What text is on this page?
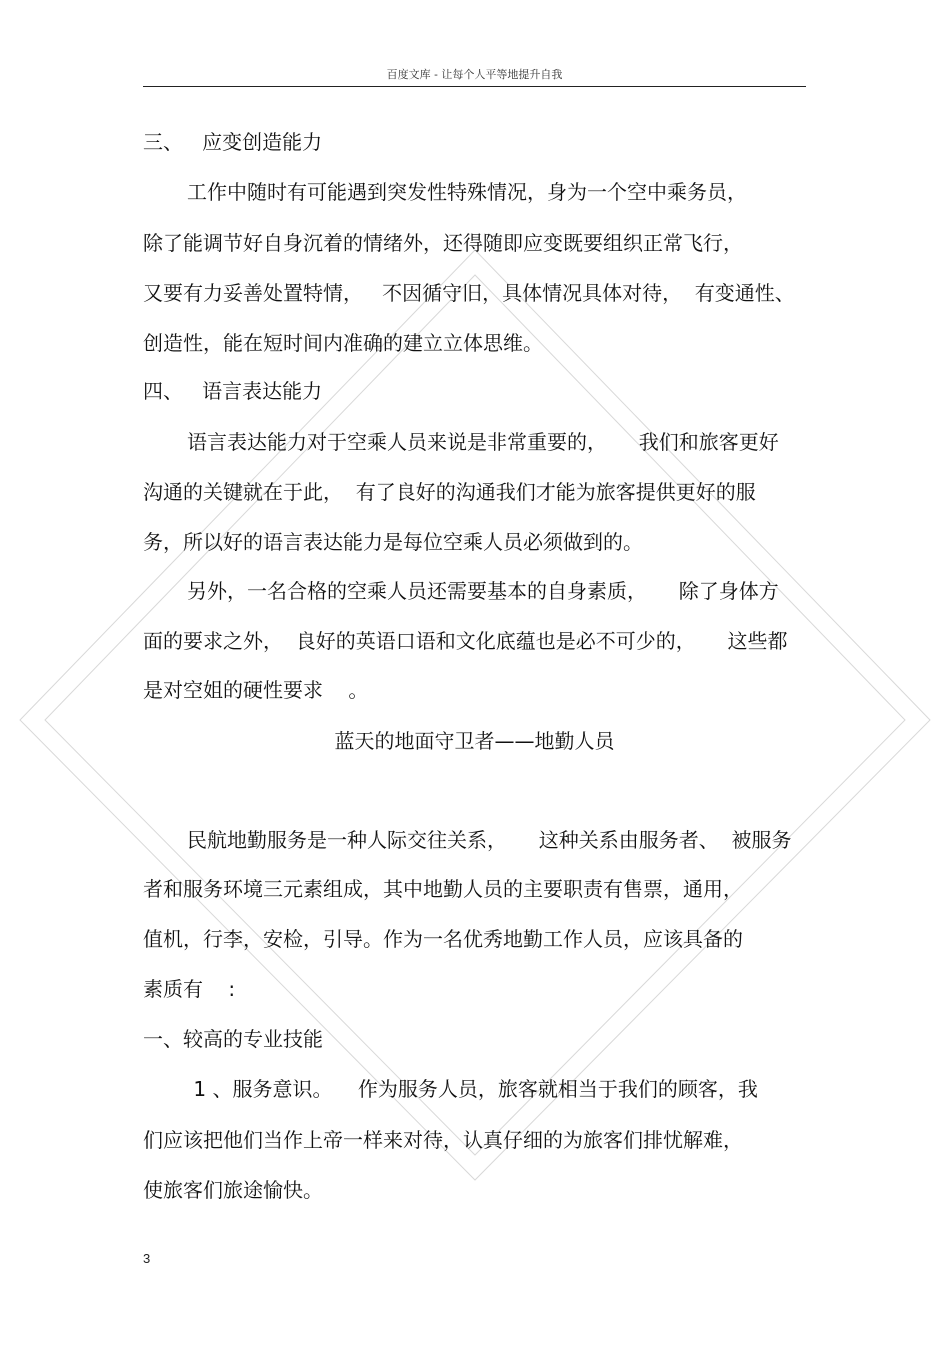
百度文库 - 让每个人平等地提升自我
三、   应变创造能力
工作中随时有可能遇到突发性特殊情况，身为一个空中乘务员，
除了能调节好自身沉着的情绪外，还得随即应变既要组织正常飞行，
又要有力妥善处置特情，   不因循守旧，具体情况具体对待，  有变通性、
创造性，能在短时间内准确的建立立体思维。
四、   语言表达能力
语言表达能力对于空乘人员来说是非常重要的，     我们和旅客更好
沟通的关键就在于此，  有了良好的沟通我们才能为旅客提供更好的服
务，所以好的语言表达能力是每位空乘人员必须做到的。
另外，一名合格的空乘人员还需要基本的自身素质，     除了身体方
面的要求之外，  良好的英语口语和文化底蕴也是必不可少的，     这些都
是对空姐的硬性要求    。
蓝天的地面守卫者——地勤人员
民航地勤服务是一种人际交往关系，     这种关系由服务者、  被服务
者和服务环境三元素组成，其中地勤人员的主要职责有售票，通用，
值机，行李，安检，引导。作为一名优秀地勤工作人员，应该具备的
素质有    :
一、较高的专业技能
1 、服务意识。    作为服务人员，旅客就相当于我们的顾客，我
们应该把他们当作上帝一样来对待，认真仔细的为旅客们排忧解难，
使旅客们旅途愉快。
3
